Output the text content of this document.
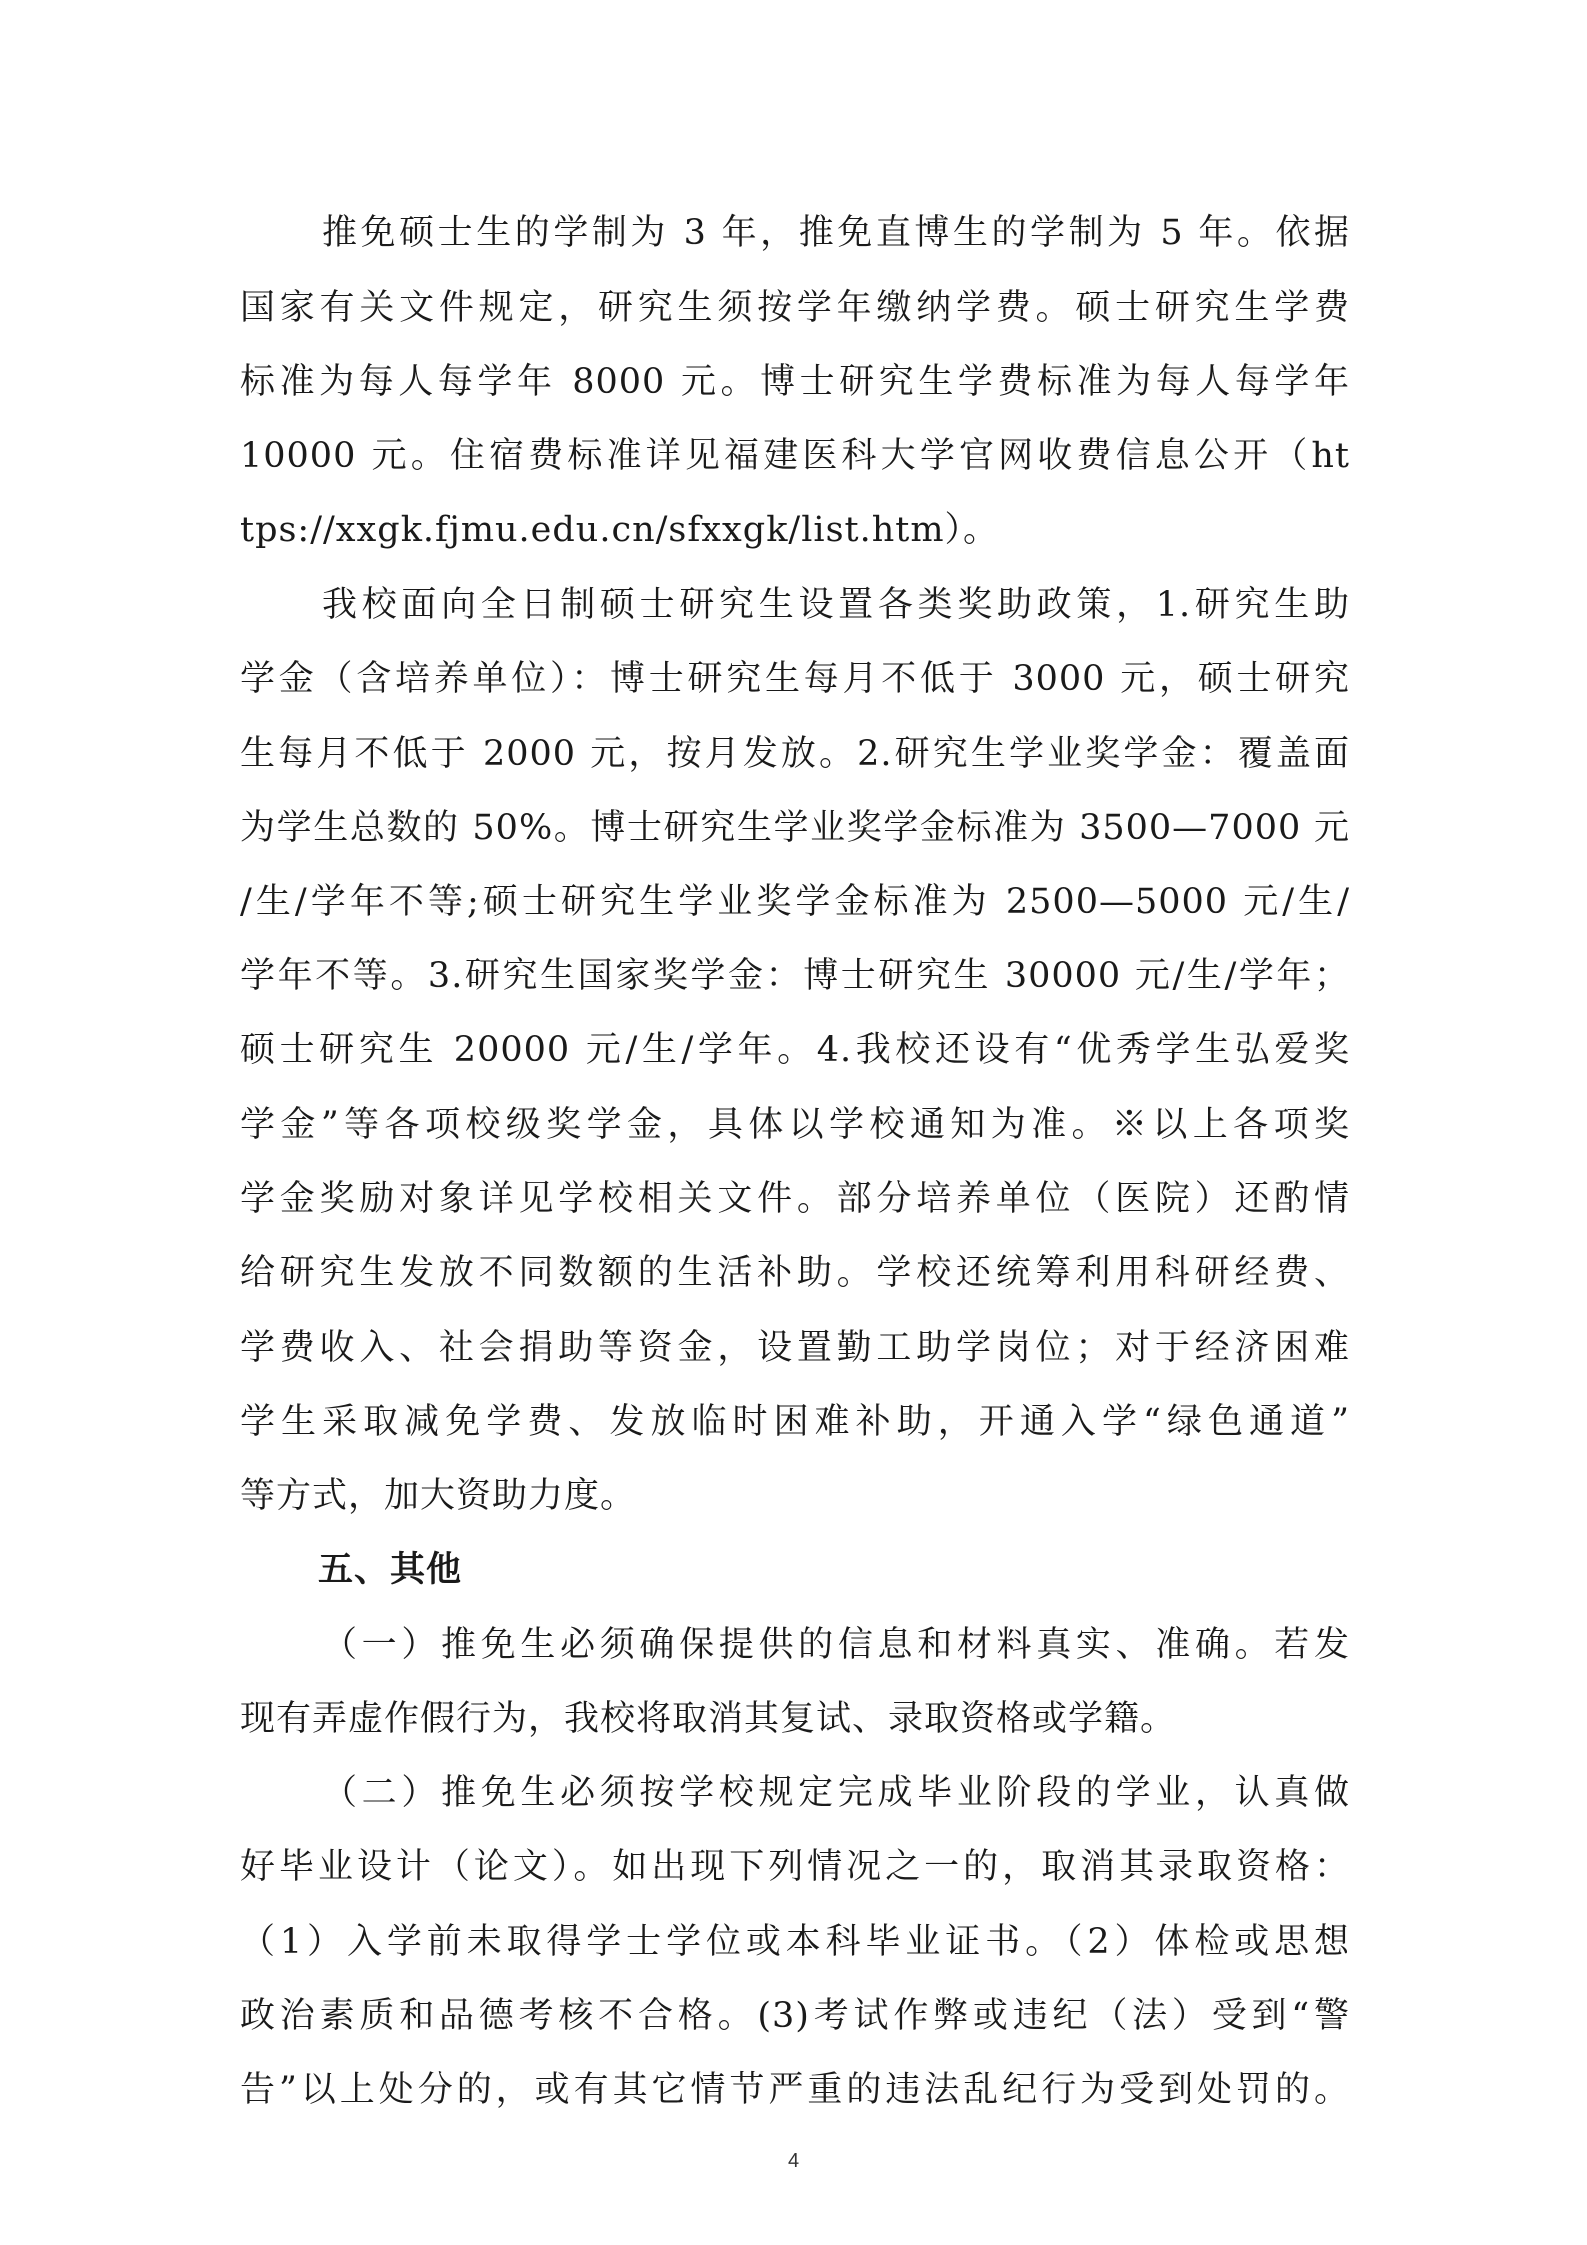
推免硕士生的学制为 3 年，推免直博生的学制为 5 年。依据
国家有关文件规定，研究生须按学年缴纳学费。硕士研究生学费
标准为每人每学年 8000 元。博士研究生学费标准为每人每学年
10000 元。住宿费标准详见福建医科大学官网收费信息公开（ht
tps://xxgk.fjmu.edu.cn/sfxxgk/list.htm）。
我校面向全日制硕士研究生设置各类奖助政策，1.研究生助
学金（含培养单位）：博士研究生每月不低于 3000 元，硕士研究
生每月不低于 2000 元，按月发放。2.研究生学业奖学金：覆盖面
为学生总数的 50%。博士研究生学业奖学金标准为 3500—7000 元
/生/学年不等;硕士研究生学业奖学金标准为 2500—5000 元/生/
学年不等。3.研究生国家奖学金：博士研究生 30000 元/生/学年；
硕士研究生 20000 元/生/学年。4.我校还设有“优秀学生弘爱奖
学金”等各项校级奖学金，具体以学校通知为准。※以上各项奖
学金奖励对象详见学校相关文件。部分培养单位（医院）还酌情
给研究生发放不同数额的生活补助。学校还统筹利用科研经费、
学费收入、社会捐助等资金，设置勤工助学岗位；对于经济困难
学生采取减免学费、发放临时困难补助，开通入学“绿色通道”
等方式，加大资助力度。
五、其他
（一）推免生必须确保提供的信息和材料真实、准确。若发
现有弄虚作假行为，我校将取消其复试、录取资格或学籍。
（二）推免生必须按学校规定完成毕业阶段的学业，认真做
好毕业设计（论文）。如出现下列情况之一的，取消其录取资格：
（1）入学前未取得学士学位或本科毕业证书。（2）体检或思想
政治素质和品德考核不合格。(3)考试作弊或违纪（法）受到“警
告”以上处分的，或有其它情节严重的违法乱纪行为受到处罚的。
4
